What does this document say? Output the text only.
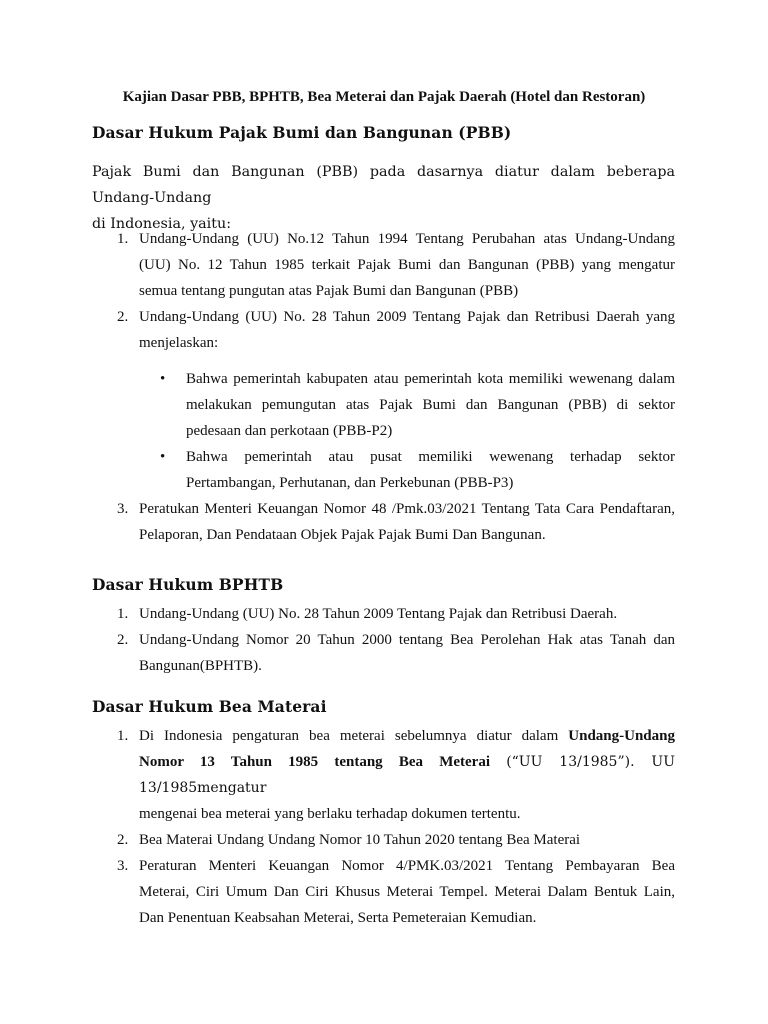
Kajian Dasar PBB, BPHTB, Bea Meterai dan Pajak Daerah (Hotel dan Restoran)
Dasar Hukum Pajak Bumi dan Bangunan (PBB)
Pajak Bumi dan Bangunan (PBB) pada dasarnya diatur dalam beberapa Undang-Undang
di Indonesia, yaitu:
1. Undang-Undang (UU) No.12 Tahun 1994 Tentang Perubahan atas Undang-Undang
(UU) No. 12 Tahun 1985 terkait Pajak Bumi dan Bangunan (PBB) yang mengatur
semua tentang pungutan atas Pajak Bumi dan Bangunan (PBB)
2. Undang-Undang (UU) No. 28 Tahun 2009 Tentang Pajak dan Retribusi Daerah yang
menjelaskan:
• Bahwa pemerintah kabupaten atau pemerintah kota memiliki wewenang dalam
melakukan pemungutan atas Pajak Bumi dan Bangunan (PBB) di sektor
pedesaan dan perkotaan (PBB-P2)
• Bahwa pemerintah atau pusat memiliki wewenang terhadap sektor
Pertambangan, Perhutanan, dan Perkebunan (PBB-P3)
3. Peratukan Menteri Keuangan Nomor 48 /Pmk.03/2021 Tentang Tata Cara Pendaftaran,
Pelaporan, Dan Pendataan Objek Pajak Pajak Bumi Dan Bangunan.
Dasar Hukum BPHTB
1. Undang-Undang (UU) No. 28 Tahun 2009 Tentang Pajak dan Retribusi Daerah.
2. Undang-Undang Nomor 20 Tahun 2000 tentang Bea Perolehan Hak atas Tanah dan
Bangunan(BPHTB).
Dasar Hukum Bea Materai
1. Di Indonesia pengaturan bea meterai sebelumnya diatur dalam Undang-Undang
Nomor 13 Tahun 1985 tentang Bea Meterai (“UU 13/1985”). UU 13/1985mengatur
mengenai bea meterai yang berlaku terhadap dokumen tertentu.
2. Bea Materai Undang Undang Nomor 10 Tahun 2020 tentang Bea Materai
3. Peraturan Menteri Keuangan Nomor 4/PMK.03/2021 Tentang Pembayaran Bea
Meterai, Ciri Umum Dan Ciri Khusus Meterai Tempel. Meterai Dalam Bentuk Lain,
Dan Penentuan Keabsahan Meterai, Serta Pemeteraian Kemudian.
